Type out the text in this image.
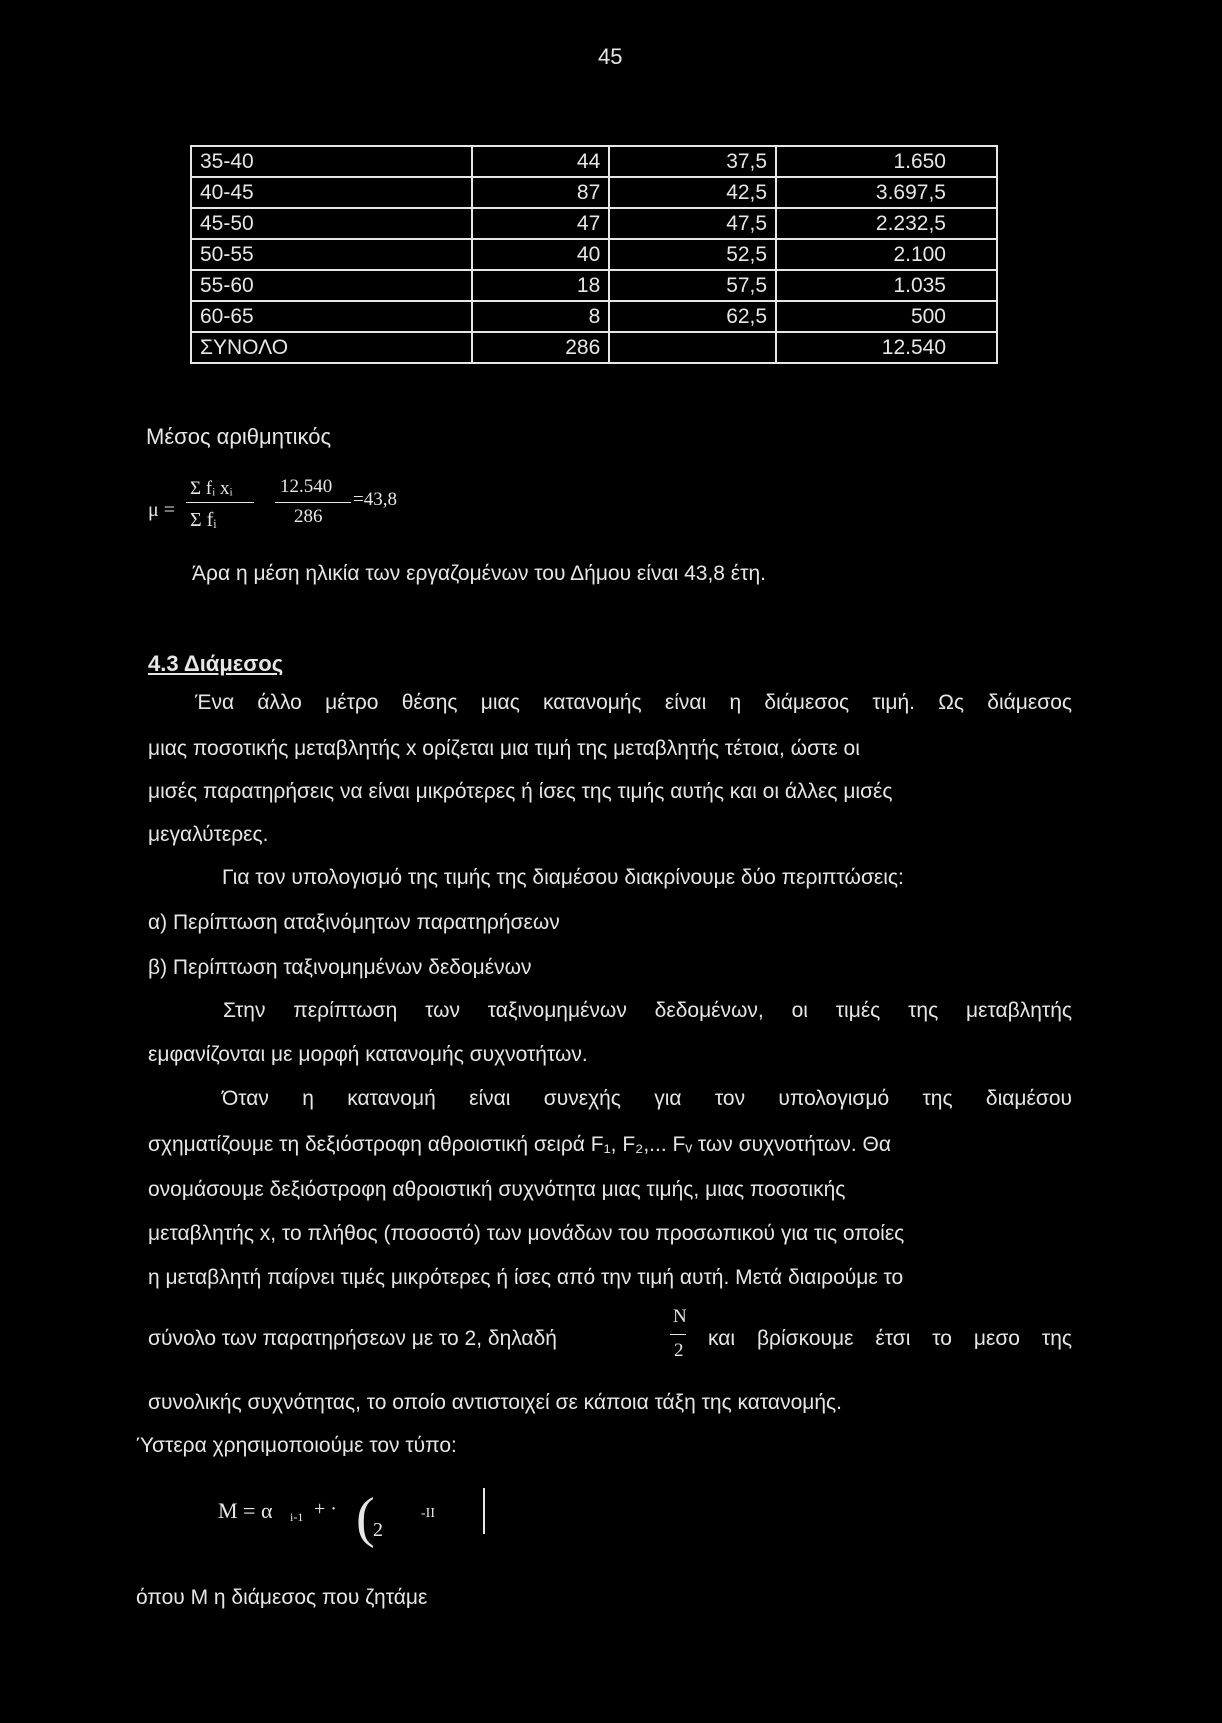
45
35-40	44	37,5	1.650
40-45	87	42,5	3.697,5
45-50	47	47,5	2.232,5
50-55	40	52,5	2.100
55-60	18	57,5	1.035
60-65	8	62,5	500
ΣΥΝΟΛΟ	286		12.540
Μέσος αριθμητικός
μ =
Σ fᵢ xᵢ
Σ fᵢ
12.540
286
=43,8
Άρα η μέση ηλικία των εργαζομένων του Δήμου είναι 43,8 έτη.
4.3 Διάμεσος
Ένα άλλο μέτρο θέσης μιας κατανομής είναι η διάμεσος τιμή. Ως διάμεσος
μιας ποσοτικής μεταβλητής x ορίζεται μια τιμή της μεταβλητής τέτοια, ώστε οι
μισές παρατηρήσεις να είναι μικρότερες ή ίσες της τιμής αυτής και οι άλλες μισές
μεγαλύτερες.
Για τον υπολογισμό της τιμής της διαμέσου διακρίνουμε δύο περιπτώσεις:
α) Περίπτωση αταξινόμητων παρατηρήσεων
β) Περίπτωση ταξινομημένων δεδομένων
Στην περίπτωση των ταξινομημένων δεδομένων, οι τιμές της μεταβλητής
εμφανίζονται με μορφή κατανομής συχνοτήτων.
Όταν η κατανομή είναι συνεχής για τον υπολογισμό της διαμέσου
σχηματίζουμε τη δεξιόστροφη αθροιστική σειρά F₁, F₂,... Fᵥ των συχνοτήτων. Θα
ονομάσουμε δεξιόστροφη αθροιστική συχνότητα μιας τιμής, μιας ποσοτικής
μεταβλητής x, το πλήθος (ποσοστό) των μονάδων του προσωπικού για τις οποίες
η μεταβλητή παίρνει τιμές μικρότερες ή ίσες από την τιμή αυτή. Μετά διαιρούμε το
σύνολο των παρατηρήσεων με το 2, δηλαδή
N
2
και βρίσκουμε έτσι το μεσο της
συνολικής συχνότητας, το οποίο αντιστοιχεί σε κάποια τάξη της κατανομής.
Ύστερα χρησιμοποιούμε τον τύπο:
M = α i-1 + · (
2
-II
όπου Μ η διάμεσος που ζητάμε
